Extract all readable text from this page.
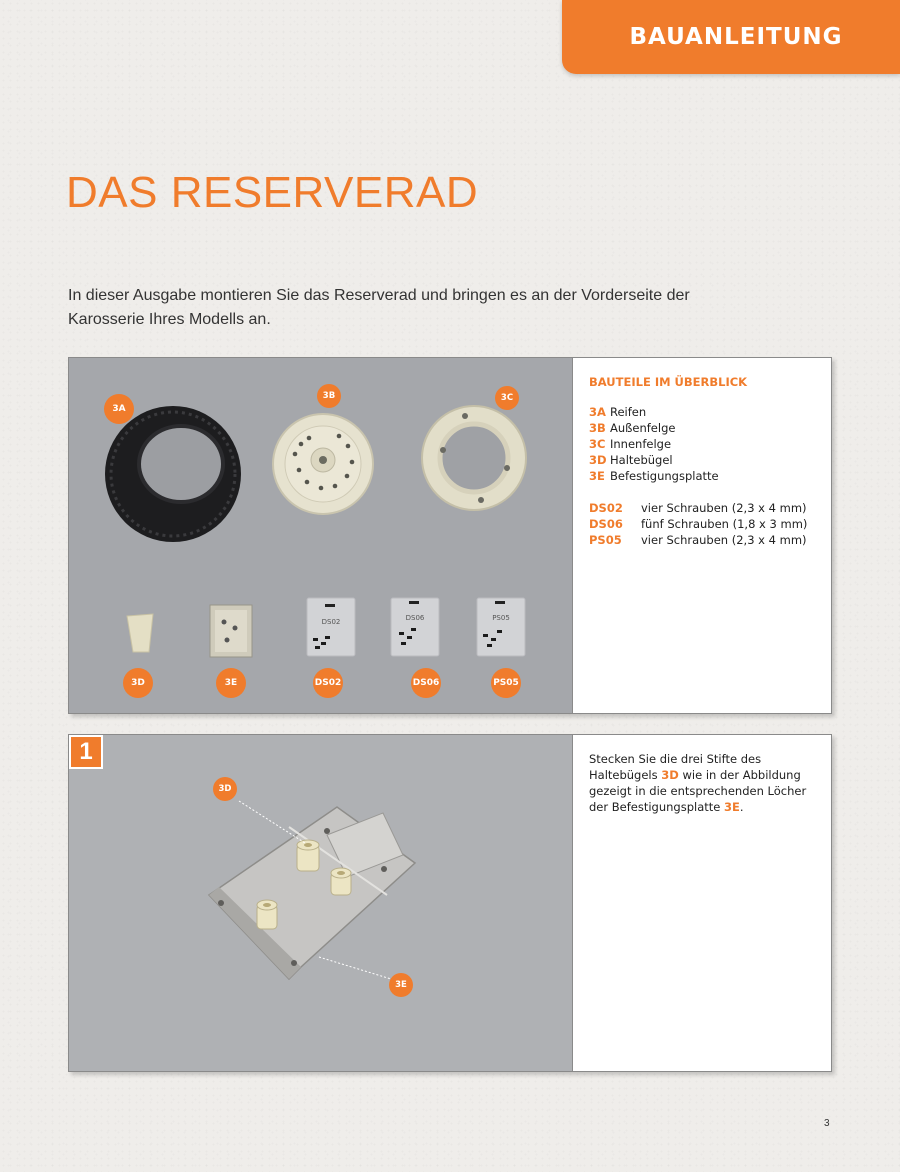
BAUANLEITUNG
DAS RESERVERAD
In dieser Ausgabe montieren Sie das Reserverad und bringen es an der Vorderseite der
Karosserie Ihres Modells an.
DS02	DS06	PS05
3A
3B	3C
3D	3E	DS02	DS06	PS05
BAUTEILE IM ÜBERBLICK
3A Reifen
3B Außenfelge
3C Innenfelge
3D Haltebügel
3E Befestigungsplatte
DS02	vier Schrauben (2,3 x 4 mm)
DS06	fünf Schrauben (1,8 x 3 mm)
PS05	vier Schrauben (2,3 x 4 mm)
1
3D
3E
Stecken Sie die drei Stifte des
Haltebügels 3D wie in der Abbildung
gezeigt in die entsprechenden Löcher
der Befestigungsplatte 3E.
3
